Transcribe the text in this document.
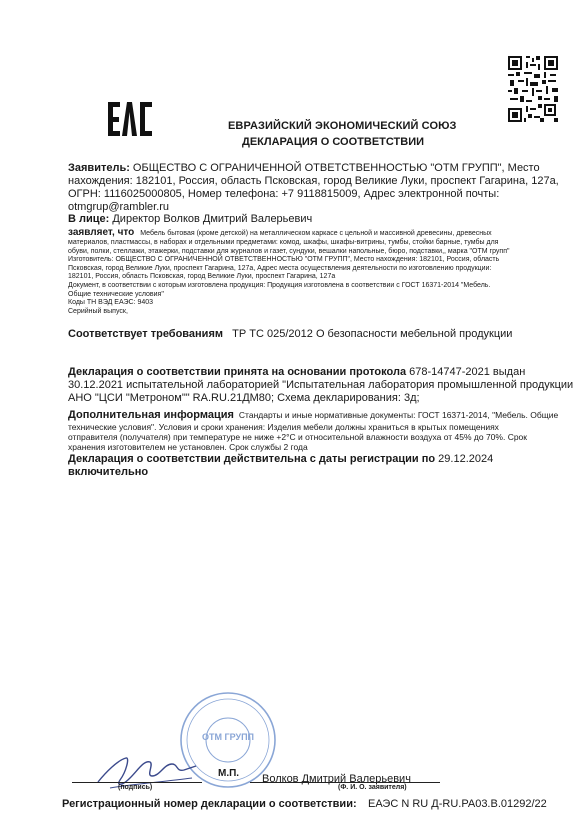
ЕВРАЗИЙСКИЙ ЭКОНОМИЧЕСКИЙ СОЮЗ
ДЕКЛАРАЦИЯ О СООТВЕТСТВИИ
Заявитель: ОБЩЕСТВО С ОГРАНИЧЕННОЙ ОТВЕТСТВЕННОСТЬЮ "ОТМ ГРУПП", Место
нахождения: 182101, Россия, область Псковская, город Великие Луки, проспект Гагарина, 127а,
ОГРН: 1116025000805, Номер телефона: +7 9118815009, Адрес электронной почты:
otmgrup@rambler.ru
В лице: Директор Волков Дмитрий Валерьевич
заявляет, что Мебель бытовая (кроме детской) на металлическом каркасе с цельной и массивной древесины, древесных
материалов, пластмассы, в наборах и отдельными предметами: комод, шкафы, шкафы-витрины, тумбы, стойки барные, тумбы для
обуви, полки, стеллажи, этажерки, подставки для журналов и газет, сундуки, вешалки напольные, бюро, подставки,, марка "ОТМ групп"
Изготовитель: ОБЩЕСТВО С ОГРАНИЧЕННОЙ ОТВЕТСТВЕННОСТЬЮ "ОТМ ГРУПП", Место нахождения: 182101, Россия, область
Псковская, город Великие Луки, проспект Гагарина, 127а, Адрес места осуществления деятельности по изготовлению продукции:
182101, Россия, область Псковская, город Великие Луки, проспект Гагарина, 127а
Документ, в соответствии с которым изготовлена продукция: Продукция изготовлена в соответствии с ГОСТ 16371-2014 "Мебель.
Общие технические условия"
Коды ТН ВЭД ЕАЭС: 9403
Серийный выпуск,
Соответствует требованиям ТР ТС 025/2012 О безопасности мебельной продукции
Декларация о соответствии принята на основании протокола 678-14747-2021 выдан
30.12.2021 испытательной лабораторией "Испытательная лаборатория промышленной продукции
АНО "ЦСИ "Метроном"" RA.RU.21ДМ80; Схема декларирования: 3д;
Дополнительная информация Стандарты и иные нормативные документы: ГОСТ 16371-2014, "Мебель. Общие
технические условия". Условия и сроки хранения: Изделия мебели должны храниться в крытых помещениях
отправителя (получателя) при температуре не ниже +2°С и относительной влажности воздуха от 45% до 70%. Срок
хранения изготовителем не установлен. Срок службы 2 года
Декларация о соответствии действительна с даты регистрации по 29.12.2024
включительно
ОТМ ГРУПП
М.П. Волков Дмитрий Валерьевич
(подпись)	(Ф. И. О. заявителя)
Регистрационный номер декларации о соответствии: ЕАЭС N RU Д-RU.PA03.B.01292/22
